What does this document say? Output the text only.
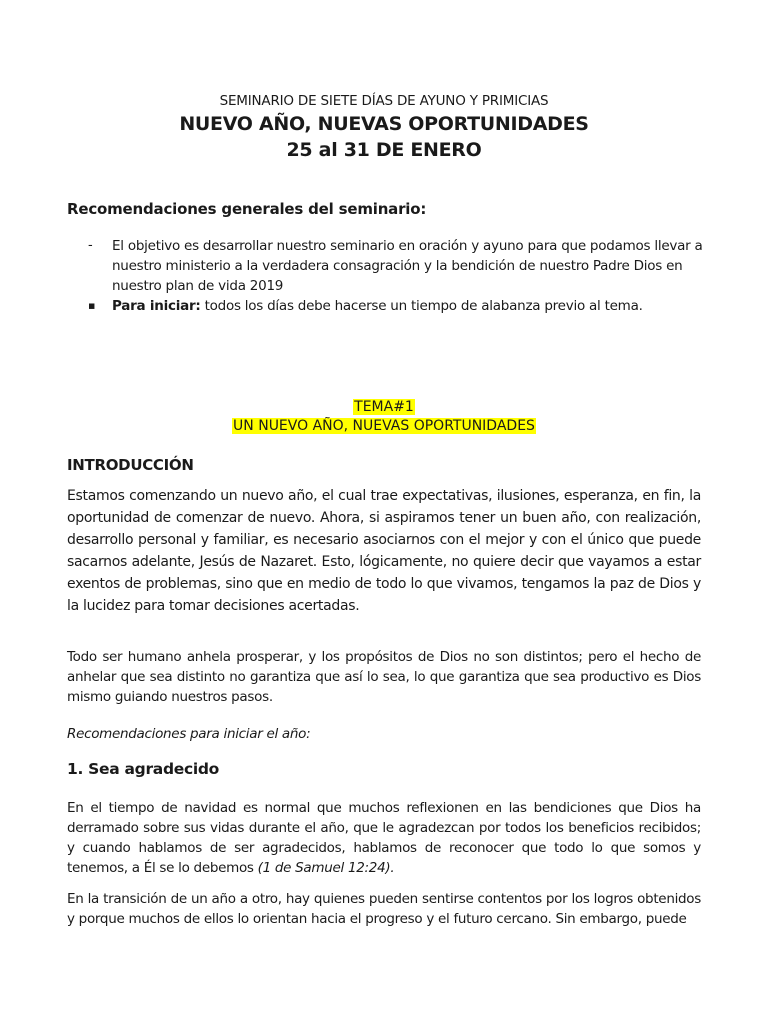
SEMINARIO DE SIETE DÍAS DE AYUNO Y PRIMICIAS
NUEVO AÑO, NUEVAS OPORTUNIDADES
25 al 31 DE ENERO
Recomendaciones generales del seminario:
-	El objetivo es desarrollar nuestro seminario en oración y ayuno para que podamos llevar a nuestro ministerio a la verdadera consagración y la bendición de nuestro Padre Dios en nuestro plan de vida 2019
▪	Para iniciar: todos los días debe hacerse un tiempo de alabanza previo al tema.
TEMA#1
UN NUEVO AÑO, NUEVAS OPORTUNIDADES
INTRODUCCIÓN
Estamos comenzando un nuevo año, el cual trae expectativas, ilusiones, esperanza, en fin, la oportunidad de comenzar de nuevo. Ahora, si aspiramos tener un buen año, con realización, desarrollo personal y familiar, es necesario asociarnos con el mejor y con el único que puede sacarnos adelante, Jesús de Nazaret. Esto, lógicamente, no quiere decir que vayamos a estar exentos de problemas, sino que en medio de todo lo que vivamos, tengamos la paz de Dios y la lucidez para tomar decisiones acertadas.
Todo ser humano anhela prosperar, y los propósitos de Dios no son distintos; pero el hecho de anhelar que sea distinto no garantiza que así lo sea, lo que garantiza que sea productivo es Dios mismo guiando nuestros pasos.
Recomendaciones para iniciar el año:
1. Sea agradecido
En el tiempo de navidad es normal que muchos reflexionen en las bendiciones que Dios ha derramado sobre sus vidas durante el año, que le agradezcan por todos los beneficios recibidos; y cuando hablamos de ser agradecidos, hablamos de reconocer que todo lo que somos y tenemos, a Él se lo debemos (1 de Samuel 12:24).
En la transición de un año a otro, hay quienes pueden sentirse contentos por los logros obtenidos y porque muchos de ellos lo orientan hacia el progreso y el futuro cercano. Sin embargo, puede
